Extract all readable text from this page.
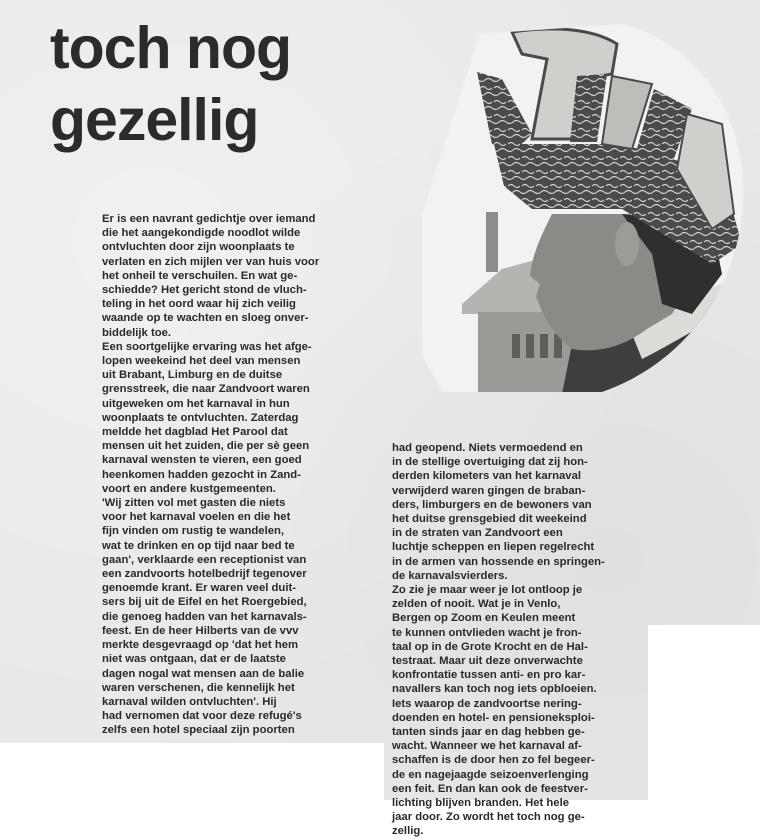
toch nog
gezellig
Er is een navrant gedichtje over iemand
die het aangekondigde noodlot wilde
ontvluchten door zijn woonplaats te
verlaten en zich mijlen ver van huis voor
het onheil te verschuilen. En wat ge-
schiedde? Het gericht stond de vluch-
teling in het oord waar hij zich veilig
waande op te wachten en sloeg onver-
biddelijk toe.
Een soortgelijke ervaring was het afge-
lopen weekeind het deel van mensen
uit Brabant, Limburg en de duitse
grensstreek, die naar Zandvoort waren
uitgeweken om het karnaval in hun
woonplaats te ontvluchten. Zaterdag
meldde het dagblad Het Parool dat
mensen uit het zuiden, die per sè geen
karnaval wensten te vieren, een goed
heenkomen hadden gezocht in Zand-
voort en andere kustgemeenten.
'Wij zitten vol met gasten die niets
voor het karnaval voelen en die het
fijn vinden om rustig te wandelen,
wat te drinken en op tijd naar bed te
gaan', verklaarde een receptionist van
een zandvoorts hotelbedrijf tegenover
genoemde krant. Er waren veel duit-
sers bij uit de Eifel en het Roergebied,
die genoeg hadden van het karnavals-
feest. En de heer Hilberts van de vvv
merkte desgevraagd op 'dat het hem
niet was ontgaan, dat er de laatste
dagen nogal wat mensen aan de balie
waren verschenen, die kennelijk het
karnaval wilden ontvluchten'. Hij
had vernomen dat voor deze refugé's
zelfs een hotel speciaal zijn poorten
had geopend. Niets vermoedend en
in de stellige overtuiging dat zij hon-
derden kilometers van het karnaval
verwijderd waren gingen de braban-
ders, limburgers en de bewoners van
het duitse grensgebied dit weekeind
in de straten van Zandvoort een
luchtje scheppen en liepen regelrecht
in de armen van hossende en springen-
de karnavalsvierders.
Zo zie je maar weer je lot ontloop je
zelden of nooit. Wat je in Venlo,
Bergen op Zoom en Keulen meent
te kunnen ontvlieden wacht je fron-
taal op in de Grote Krocht en de Hal-
testraat. Maar uit deze onverwachte
konfrontatie tussen anti- en pro kar-
navallers kan toch nog iets opbloeien.
Iets waarop de zandvoortse nering-
doenden en hotel- en pensioneksploi-
tanten sinds jaar en dag hebben ge-
wacht. Wanneer we het karnaval af-
schaffen is de door hen zo fel begeer-
de en nagejaagde seizoenverlenging
een feit. En dan kan ook de feestver-
lichting blijven branden. Het hele
jaar door. Zo wordt het toch nog ge-
zellig.
